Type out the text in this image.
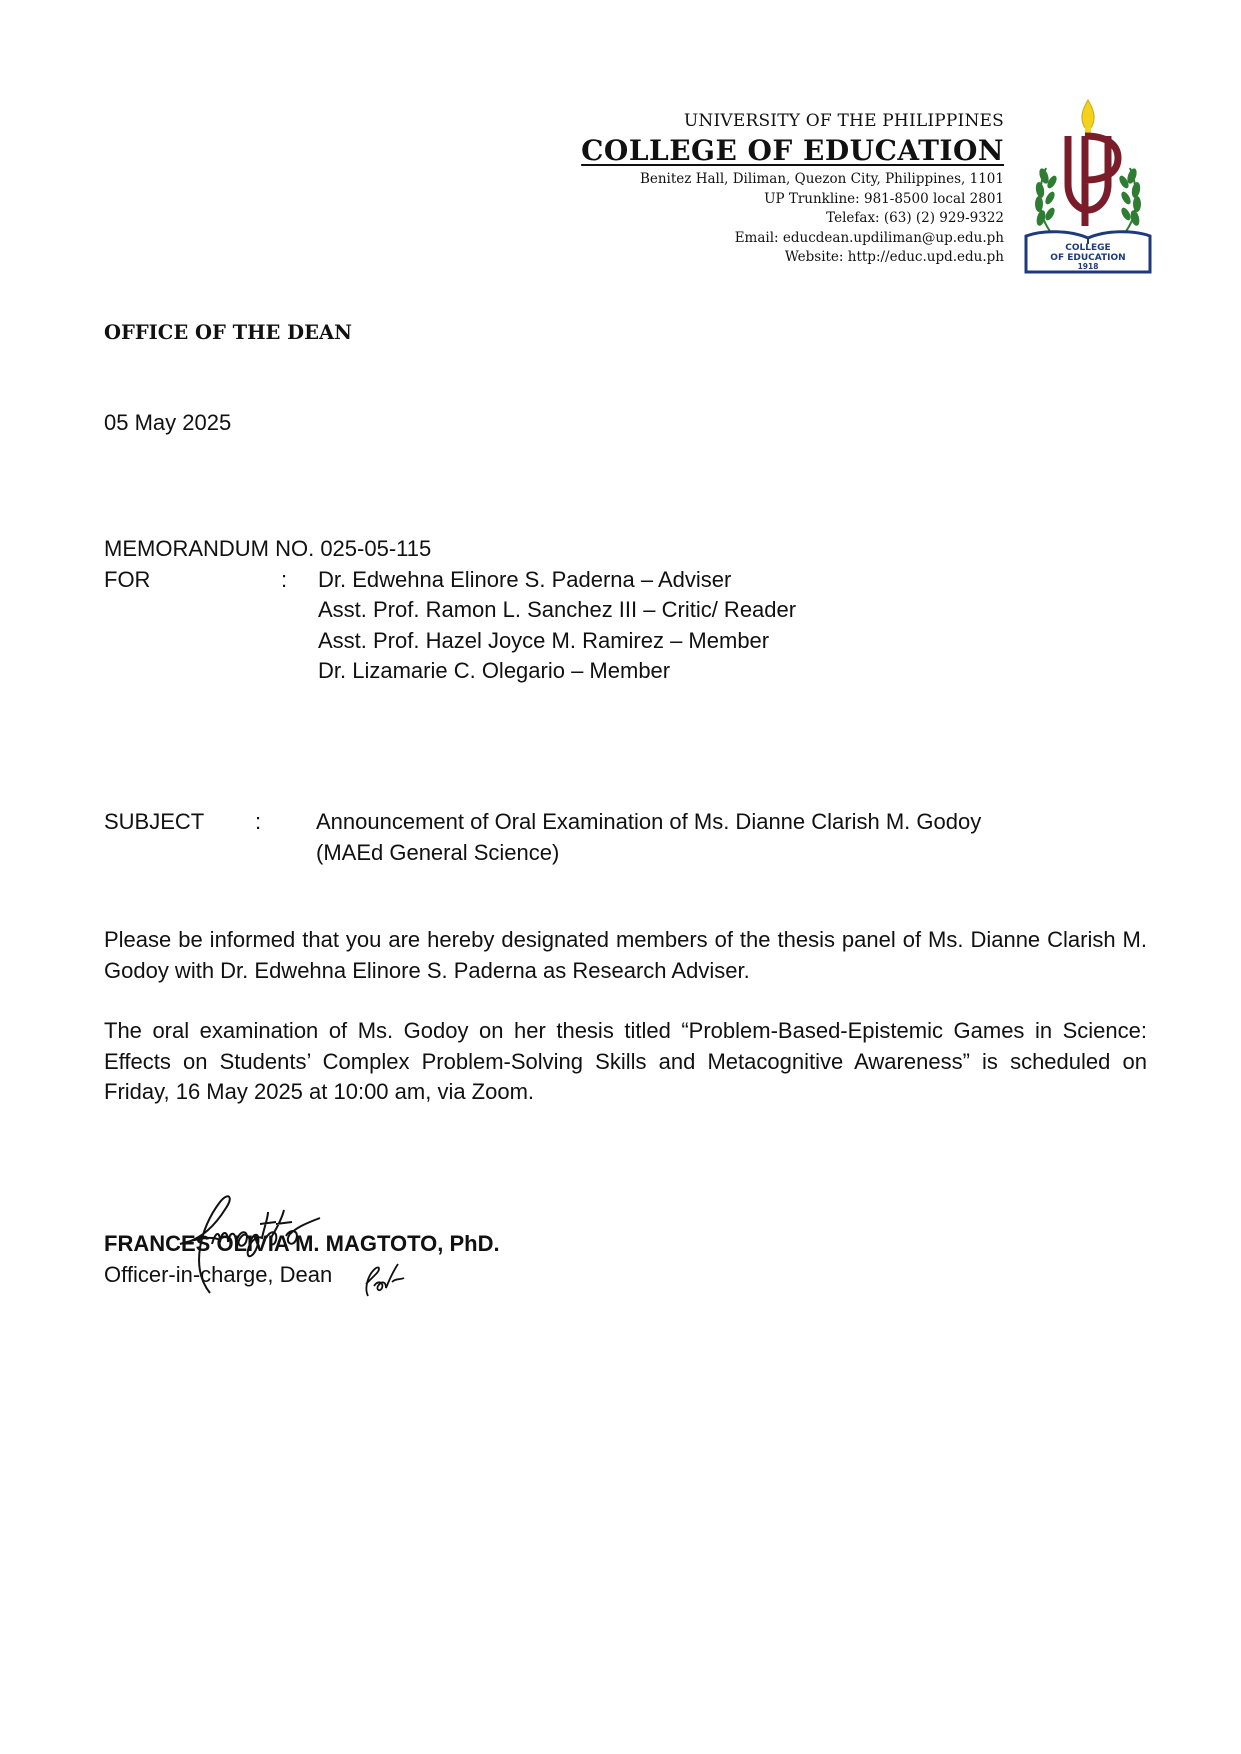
UNIVERSITY OF THE PHILIPPINES
COLLEGE OF EDUCATION
Benitez Hall, Diliman, Quezon City, Philippines, 1101
UP Trunkline: 981-8500 local 2801
Telefax: (63) (2) 929-9322
Email: educdean.updiliman@up.edu.ph
Website: http://educ.upd.edu.ph
COLLEGE
OF EDUCATION
1918
OFFICE OF THE DEAN
05 May 2025
MEMORANDUM NO. 025-05-115
FOR	: Dr. Edwehna Elinore S. Paderna – Adviser
Asst. Prof. Ramon L. Sanchez III – Critic/ Reader
Asst. Prof. Hazel Joyce M. Ramirez – Member
Dr. Lizamarie C. Olegario – Member
SUBJECT : Announcement of Oral Examination of Ms. Dianne Clarish M. Godoy
(MAEd General Science)

Please be informed that you are hereby designated members of the thesis panel of Ms. Dianne Clarish M. Godoy with Dr. Edwehna Elinore S. Paderna as Research Adviser.

The oral examination of Ms. Godoy on her thesis titled “Problem-Based-Epistemic Games in Science: Effects on Students’ Complex Problem-Solving Skills and Metacognitive Awareness” is scheduled on Friday, 16 May 2025 at 10:00 am, via Zoom.

FRANCES OLIVIA M. MAGTOTO, PhD.
Officer-in-charge, Dean
